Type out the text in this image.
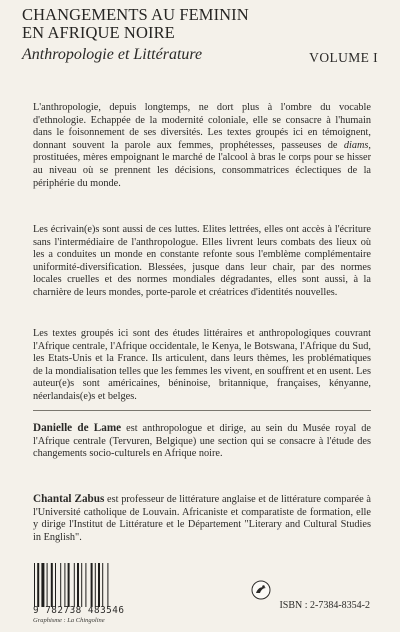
CHANGEMENTS AU FEMININ
EN AFRIQUE NOIRE
Anthropologie et Littérature	VOLUME I

L'anthropologie, depuis longtemps, ne dort plus à l'ombre du vocable d'ethnologie. Echappée de la modernité coloniale, elle se consacre à l'humain dans le foisonnement de ses diversités. Les textes groupés ici en témoignent, donnant souvent la parole aux femmes, prophétesses, passeuses de diams, prostituées, mères empoignant le marché de l'alcool à bras le corps pour se hisser au niveau où se prennent les décisions, consommatrices éclectiques de la périphérie du monde.

Les écrivain(e)s sont aussi de ces luttes. Elites lettrées, elles ont accès à l'écriture sans l'intermédiaire de l'anthropologue. Elles livrent leurs combats des lieux où les a conduites un monde en constante refonte sous l'emblème complémentaire uniformité-diversification. Blessées, jusque dans leur chair, par des normes locales cruelles et des normes mondiales dégradantes, elles sont aussi, à la charnière de leurs mondes, porte-parole et créatrices d'identités nouvelles.

Les textes groupés ici sont des études littéraires et anthropologiques couvrant l'Afrique centrale, l'Afrique occidentale, le Kenya, le Botswana, l'Afrique du Sud, les Etats-Unis et la France. Ils articulent, dans leurs thèmes, les problématiques de la mondialisation telles que les femmes les vivent, en souffrent et en usent. Les auteur(e)s sont américaines, béninoise, britannique, françaises, kényanne, néerlandais(e)s et belges.

Danielle de Lame est anthropologue et dirige, au sein du Musée royal de l'Afrique centrale (Tervuren, Belgique) une section qui se consacre à l'étude des changements socio-culturels en Afrique noire.

Chantal Zabus est professeur de littérature anglaise et de littérature comparée à l'Université catholique de Louvain. Africaniste et comparatiste de formation, elle y dirige l'Institut de Littérature et le Département "Literary and Cultural Studies in English".

9 782738 483546
Graphisme : La Chingoline
ISBN : 2-7384-8354-2
